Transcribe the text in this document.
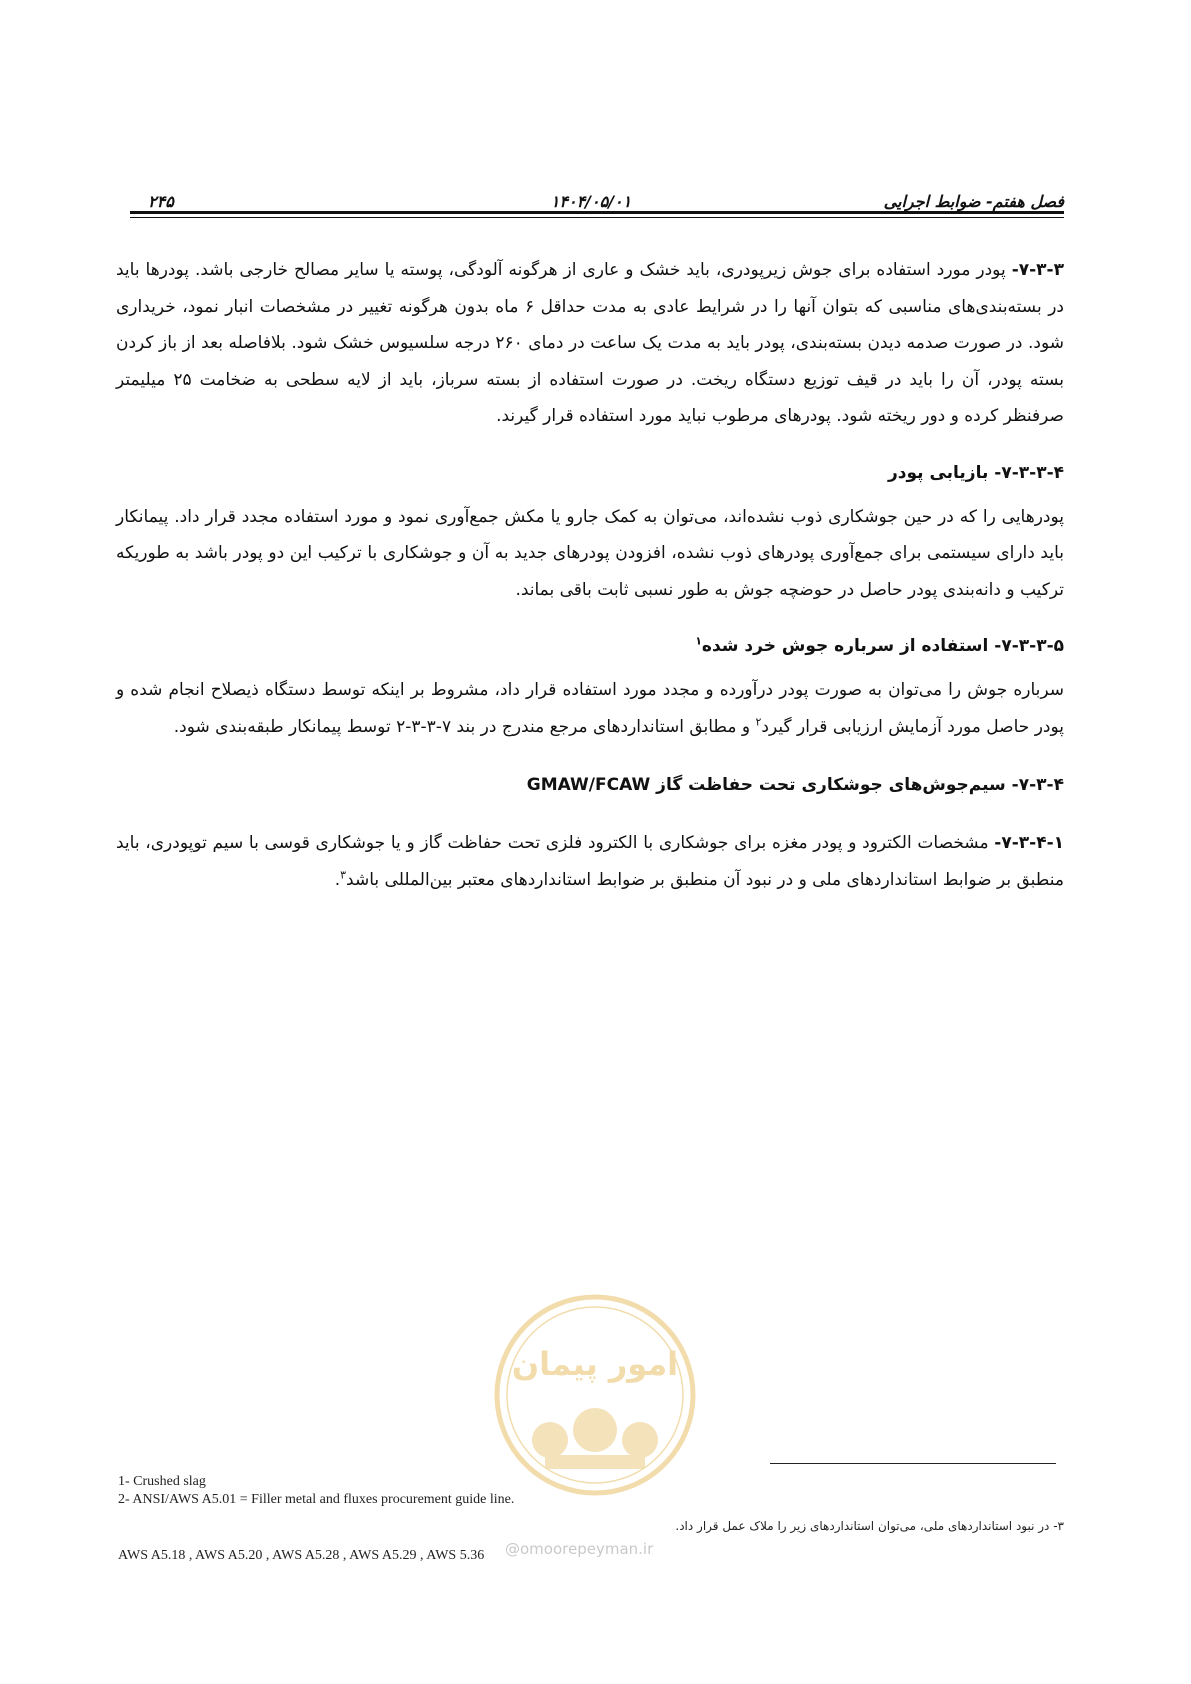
فصل هفتم- ضوابط اجرایی
۱۴۰۴/۰۵/۰۱
۲۴۵

۷-۳-۳- پودر مورد استفاده برای جوش زیرپودری، باید خشک و عاری از هرگونه آلودگی، پوسته یا سایر مصالح خارجی باشد. پودرها باید در بسته‌بندی‌های مناسبی که بتوان آنها را در شرایط عادی به مدت حداقل ۶ ماه بدون هرگونه تغییر در مشخصات انبار نمود، خریداری شود. در صورت صدمه دیدن بسته‌بندی، پودر باید به مدت یک ساعت در دمای ۲۶۰ درجه سلسیوس خشک شود. بلافاصله بعد از باز کردن بسته پودر، آن را باید در قیف توزیع دستگاه ریخت. در صورت استفاده از بسته سرباز، باید از لایه سطحی به ضخامت ۲۵ میلیمتر صرفنظر کرده و دور ریخته شود. پودرهای مرطوب نباید مورد استفاده قرار گیرند.

۷-۳-۳-۴- بازیابی پودر

پودرهایی را که در حین جوشکاری ذوب نشده‌اند، می‌توان به کمک جارو یا مکش جمع‌آوری نمود و مورد استفاده مجدد قرار داد. پیمانکار باید دارای سیستمی برای جمع‌آوری پودرهای ذوب نشده، افزودن پودرهای جدید به آن و جوشکاری با ترکیب این دو پودر باشد به طوریکه ترکیب و دانه‌بندی پودر حاصل در حوضچه جوش به طور نسبی ثابت باقی بماند.

۷-۳-۳-۵- استفاده از سرباره جوش خرد شده$^۱$

سرباره جوش را می‌توان به صورت پودر درآورده و مجدد مورد استفاده قرار داد، مشروط بر اینکه توسط دستگاه ذیصلاح انجام شده و پودر حاصل مورد آزمایش ارزیابی قرار گیرد$^۲$ و مطابق استانداردهای مرجع مندرج در بند ۷-۳-۳-۲ توسط پیمانکار طبقه‌بندی شود.

۷-۳-۴- سیم‌جوش‌های جوشکاری تحت حفاظت گاز GMAW/FCAW

۷-۳-۴-۱- مشخصات الکترود و پودر مغزه برای جوشکاری با الکترود فلزی تحت حفاظت گاز و یا جوشکاری قوسی با سیم توپودری، باید منطبق بر ضوابط استانداردهای ملی و در نبود آن منطبق بر ضوابط استانداردهای معتبر بین‌المللی باشد$^۳$.

امور پیمان
1- Crushed slag
2- ANSI/AWS A5.01 = Filler metal and fluxes procurement guide line.
۳- در نبود استانداردهای ملی، می‌توان استانداردهای زیر را ملاک عمل قرار داد.
AWS A5.18 , AWS A5.20 , AWS A5.28 , AWS A5.29 , AWS 5.36 @omoorepeyman.ir
